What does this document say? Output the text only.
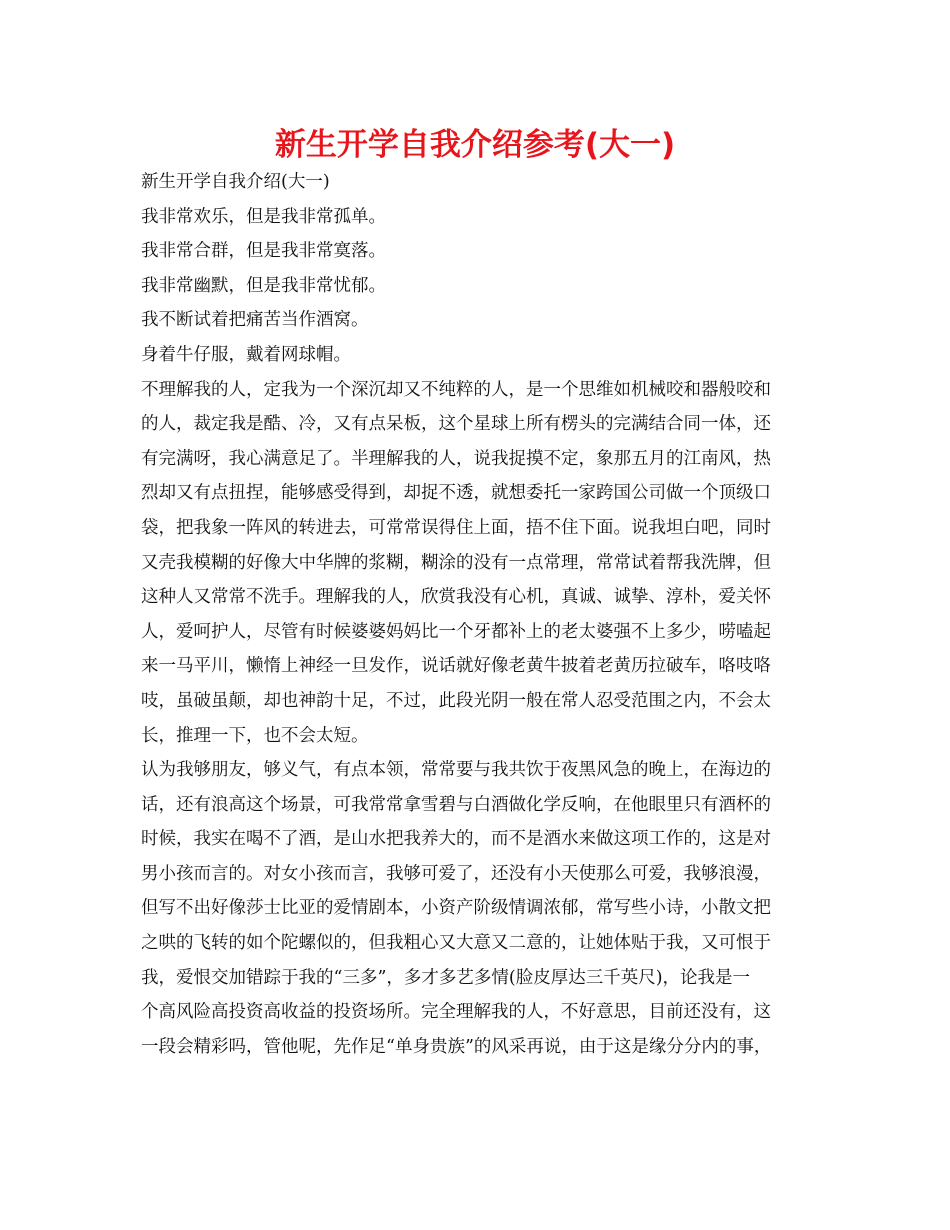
新生开学自我介绍参考(大一)
新生开学自我介绍(大一)
我非常欢乐，但是我非常孤单。
我非常合群，但是我非常寞落。
我非常幽默，但是我非常忧郁。
我不断试着把痛苦当作酒窝。
身着牛仔服，戴着网球帽。
不理解我的人，定我为一个深沉却又不纯粹的人，是一个思维如机械咬和器般咬和
的人，裁定我是酷、冷，又有点呆板，这个星球上所有楞头的完满结合同一体，还
有完满呀，我心满意足了。半理解我的人，说我捉摸不定，象那五月的江南风，热
烈却又有点扭捏，能够感受得到，却捉不透，就想委托一家跨国公司做一个顶级口
袋，把我象一阵风的转进去，可常常误得住上面，捂不住下面。说我坦白吧，同时
又壳我模糊的好像大中华牌的浆糊，糊涂的没有一点常理，常常试着帮我洗牌，但
这种人又常常不洗手。理解我的人，欣赏我没有心机，真诚、诚挚、淳朴，爱关怀
人，爱呵护人，尽管有时候婆婆妈妈比一个牙都补上的老太婆强不上多少，唠嗑起
来一马平川，懒惰上神经一旦发作，说话就好像老黄牛披着老黄历拉破车，咯吱咯
吱，虽破虽颠，却也神韵十足，不过，此段光阴一般在常人忍受范围之内，不会太
长，推理一下，也不会太短。
认为我够朋友，够义气，有点本领，常常要与我共饮于夜黑风急的晚上，在海边的
话，还有浪高这个场景，可我常常拿雪碧与白酒做化学反响，在他眼里只有酒杯的
时候，我实在喝不了酒，是山水把我养大的，而不是酒水来做这项工作的，这是对
男小孩而言的。对女小孩而言，我够可爱了，还没有小天使那么可爱，我够浪漫，
但写不出好像莎士比亚的爱情剧本，小资产阶级情调浓郁，常写些小诗，小散文把
之哄的飞转的如个陀螺似的，但我粗心又大意又二意的，让她体贴于我，又可恨于
我，爱恨交加错踪于我的“三多”，多才多艺多情(脸皮厚达三千英尺)，论我是一
个高风险高投资高收益的投资场所。完全理解我的人，不好意思，目前还没有，这
一段会精彩吗，管他呢，先作足“单身贵族”的风采再说，由于这是缘分分内的事，
